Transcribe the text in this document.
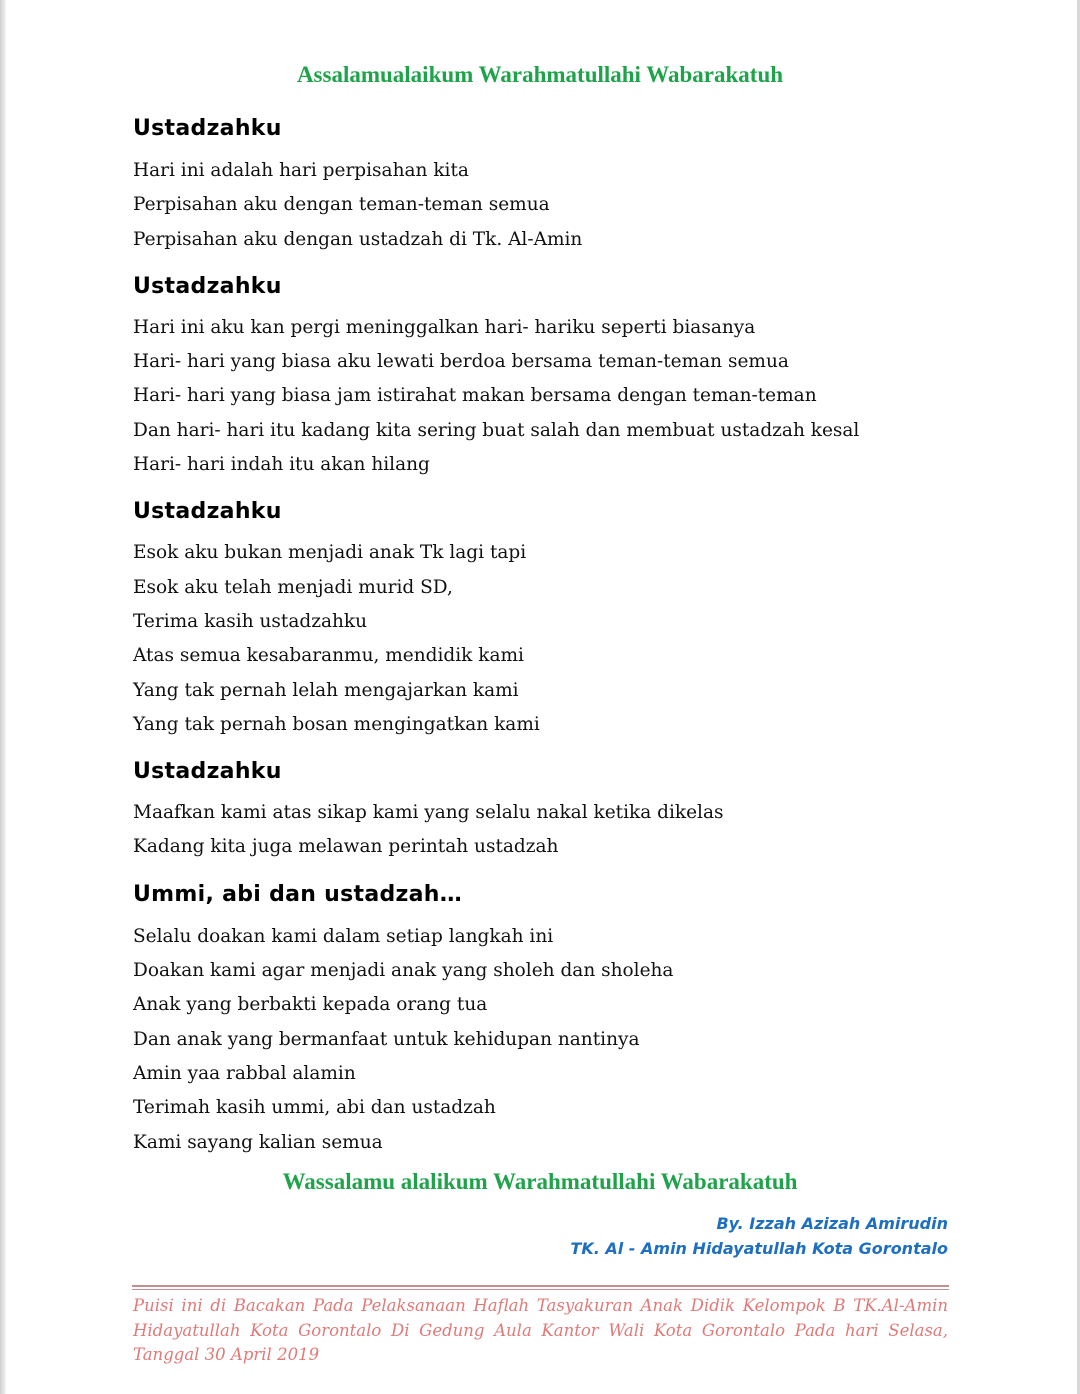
Assalamualaikum Warahmatullahi Wabarakatuh
Ustadzahku
Hari ini adalah hari perpisahan kita
Perpisahan aku dengan teman-teman semua
Perpisahan aku dengan ustadzah di Tk. Al-Amin
Ustadzahku
Hari ini aku kan pergi meninggalkan hari- hariku seperti biasanya
Hari- hari yang biasa aku lewati berdoa bersama teman-teman semua
Hari- hari yang biasa jam istirahat makan bersama dengan teman-teman
Dan hari- hari itu kadang kita sering buat salah dan membuat ustadzah kesal
Hari- hari indah itu akan hilang
Ustadzahku
Esok aku bukan menjadi anak Tk lagi tapi
Esok aku telah menjadi murid SD,
Terima kasih ustadzahku
Atas semua kesabaranmu, mendidik kami
Yang tak pernah lelah mengajarkan kami
Yang tak pernah bosan mengingatkan kami
Ustadzahku
Maafkan kami atas sikap kami yang selalu nakal ketika dikelas
Kadang kita juga melawan perintah ustadzah
Ummi, abi dan ustadzah…
Selalu doakan kami dalam setiap langkah ini
Doakan kami agar menjadi anak yang sholeh dan sholeha
Anak yang berbakti kepada orang tua
Dan anak yang bermanfaat untuk kehidupan nantinya
Amin yaa rabbal alamin
Terimah kasih ummi, abi dan ustadzah
Kami sayang kalian semua
Wassalamu alalikum Warahmatullahi Wabarakatuh
By. Izzah Azizah Amirudin
TK. Al - Amin Hidayatullah Kota Gorontalo
Puisi ini di Bacakan Pada Pelaksanaan Haflah Tasyakuran Anak Didik Kelompok B TK.Al-Amin Hidayatullah Kota Gorontalo Di Gedung Aula Kantor Wali Kota Gorontalo Pada hari Selasa, Tanggal 30 April 2019
